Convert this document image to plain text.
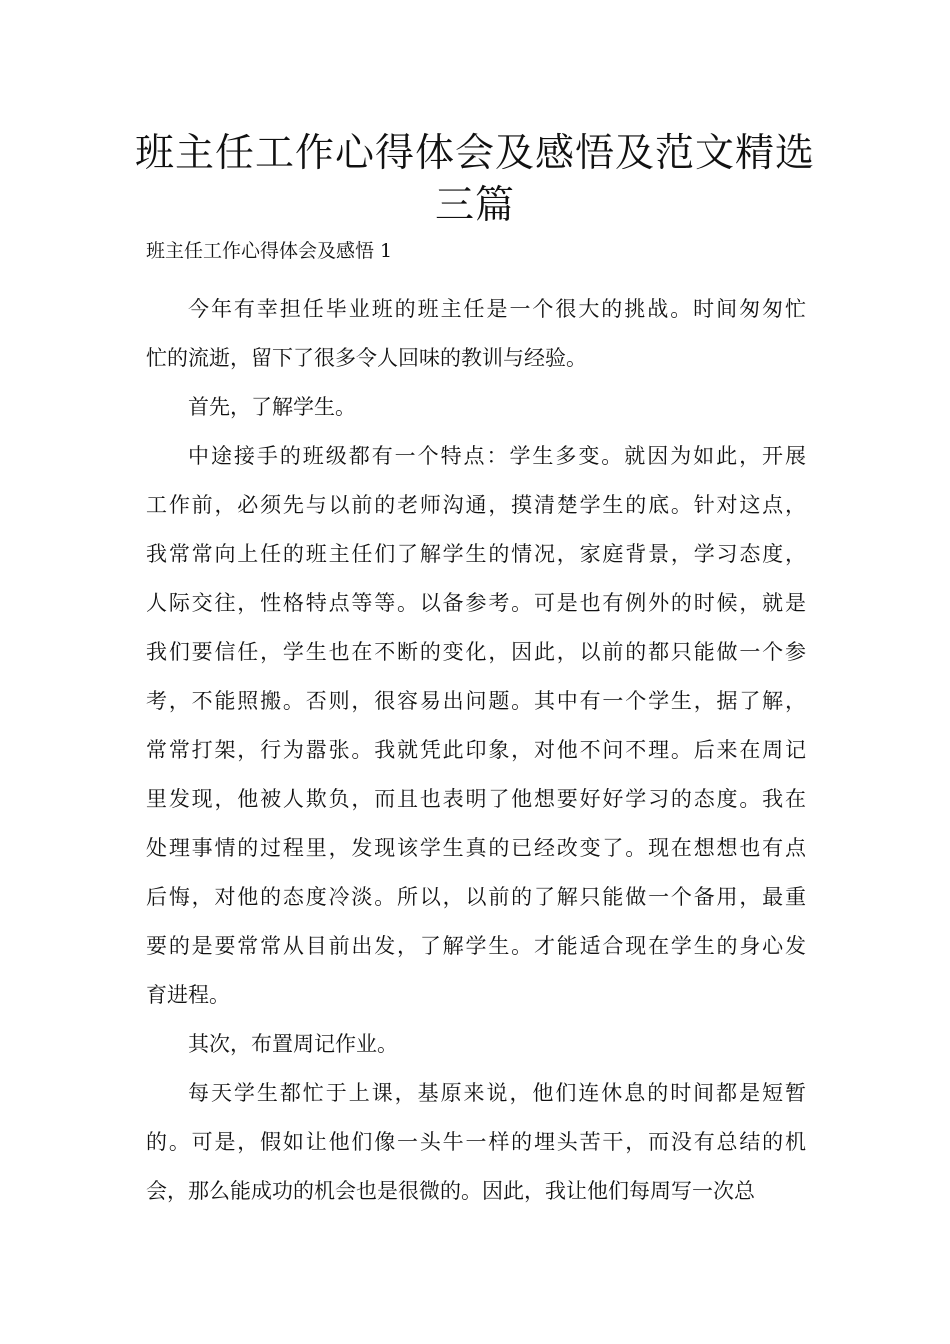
班主任工作心得体会及感悟及范文精选
三篇

班主任工作心得体会及感悟 1

今年有幸担任毕业班的班主任是一个很大的挑战。时间匆匆忙
忙的流逝，留下了很多令人回味的教训与经验。
首先，了解学生。
中途接手的班级都有一个特点：学生多变。就因为如此，开展
工作前，必须先与以前的老师沟通，摸清楚学生的底。针对这点，
我常常向上任的班主任们了解学生的情况，家庭背景，学习态度，
人际交往，性格特点等等。以备参考。可是也有例外的时候，就是
我们要信任，学生也在不断的变化，因此，以前的都只能做一个参
考，不能照搬。否则，很容易出问题。其中有一个学生，据了解，
常常打架，行为嚣张。我就凭此印象，对他不问不理。后来在周记
里发现，他被人欺负，而且也表明了他想要好好学习的态度。我在
处理事情的过程里，发现该学生真的已经改变了。现在想想也有点
后悔，对他的态度冷淡。所以，以前的了解只能做一个备用，最重
要的是要常常从目前出发，了解学生。才能适合现在学生的身心发
育进程。
其次，布置周记作业。
每天学生都忙于上课，基原来说，他们连休息的时间都是短暂
的。可是，假如让他们像一头牛一样的埋头苦干，而没有总结的机
会，那么能成功的机会也是很微的。因此，我让他们每周写一次总
